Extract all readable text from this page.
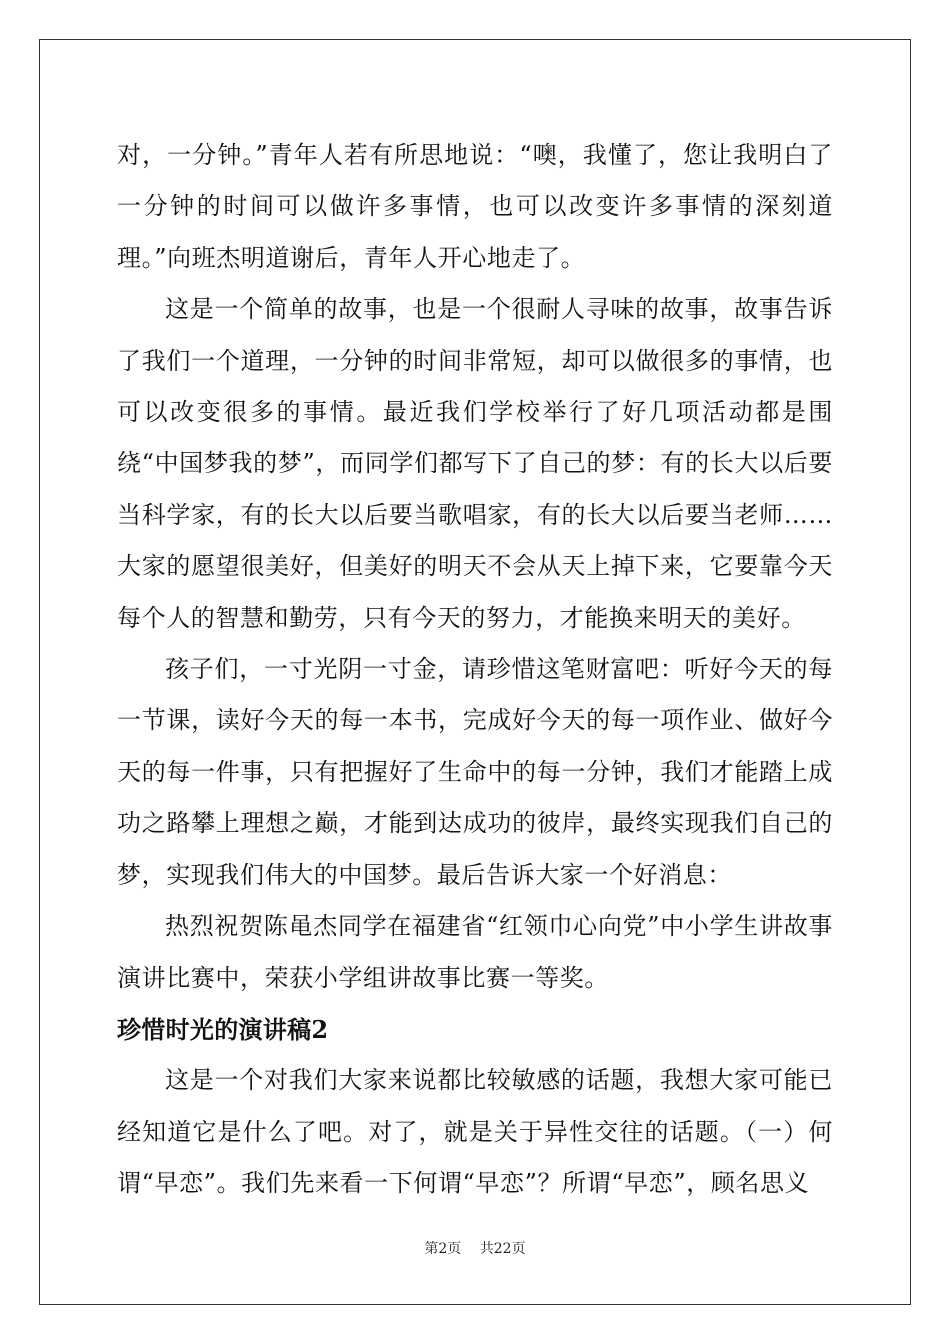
对，一分钟。”青年人若有所思地说：“噢，我懂了，您让我明白了一分钟的时间可以做许多事情，也可以改变许多事情的深刻道理。”向班杰明道谢后，青年人开心地走了。

这是一个简单的故事，也是一个很耐人寻味的故事，故事告诉了我们一个道理，一分钟的时间非常短，却可以做很多的事情，也可以改变很多的事情。最近我们学校举行了好几项活动都是围绕“中国梦我的梦”，而同学们都写下了自己的梦：有的长大以后要当科学家，有的长大以后要当歌唱家，有的长大以后要当老师……大家的愿望很美好，但美好的明天不会从天上掉下来，它要靠今天每个人的智慧和勤劳，只有今天的努力，才能换来明天的美好。

孩子们，一寸光阴一寸金，请珍惜这笔财富吧：听好今天的每一节课，读好今天的每一本书，完成好今天的每一项作业、做好今天的每一件事，只有把握好了生命中的每一分钟，我们才能踏上成功之路攀上理想之巅，才能到达成功的彼岸，最终实现我们自己的梦，实现我们伟大的中国梦。最后告诉大家一个好消息：

热烈祝贺陈黾杰同学在福建省“红领巾心向党”中小学生讲故事演讲比赛中，荣获小学组讲故事比赛一等奖。

珍惜时光的演讲稿2

这是一个对我们大家来说都比较敏感的话题，我想大家可能已经知道它是什么了吧。对了，就是关于异性交往的话题。（一）何谓“早恋”。我们先来看一下何谓“早恋”？所谓“早恋”，顾名思义

第2页 共22页
